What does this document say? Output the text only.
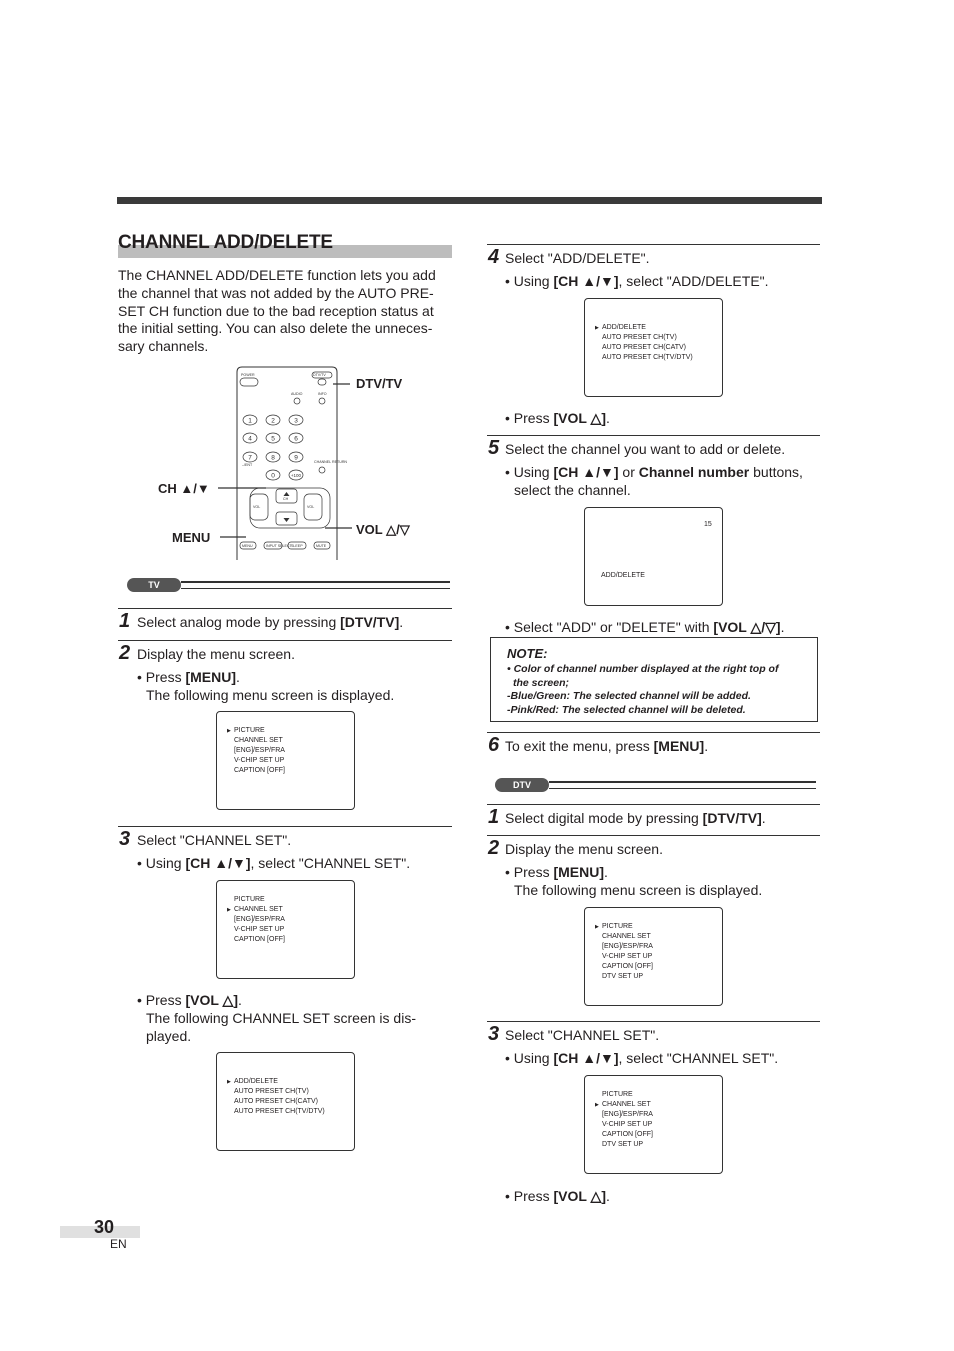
CHANNEL ADD/DELETE
The CHANNEL ADD/DELETE function lets you add the channel that was not added by the AUTO PRE-SET CH function due to the bad reception status at the initial setting. You can also delete the unneces-sary channels.
POWER
AUDIO	INFO
–/ENT
CHANNEL RETURN
CH
VOL	VOL
MENU	INPUT SELECT SLEEP	MUTE
DTV/TV
1	2	3
4	5	6
7	8	9
0	+100
DTV/TV
CH ▲/▼
MENU
VOL △/▽
TV
1 Select analog mode by pressing [DTV/TV].
2 Display the menu screen.
• Press [MENU].
The following menu screen is displayed.
▶ PICTURE
CHANNEL SET
[ENG]/ESP/FRA
V-CHIP SET UP
CAPTION [OFF]
3 Select "CHANNEL SET".
• Using [CH ▲/▼], select "CHANNEL SET".
PICTURE
▶ CHANNEL SET
[ENG]/ESP/FRA
V-CHIP SET UP
CAPTION [OFF]
• Press [VOL △].
The following CHANNEL SET screen is dis-
played.
▶ ADD/DELETE
AUTO PRESET CH(TV)
AUTO PRESET CH(CATV)
AUTO PRESET CH(TV/DTV)
4 Select "ADD/DELETE".
• Using [CH ▲/▼], select "ADD/DELETE".
▶ ADD/DELETE
AUTO PRESET CH(TV)
AUTO PRESET CH(CATV)
AUTO PRESET CH(TV/DTV)
• Press [VOL △].
5 Select the channel you want to add or delete.
• Using [CH ▲/▼] or Channel number buttons,
select the channel.
15
ADD/DELETE
• Select "ADD" or "DELETE" with [VOL △/▽].
NOTE:
• Color of channel number displayed at the right top of
the screen;
-Blue/Green: The selected channel will be added.
-Pink/Red: The selected channel will be deleted.
6 To exit the menu, press [MENU].
DTV
1 Select digital mode by pressing [DTV/TV].
2 Display the menu screen.
• Press [MENU].
The following menu screen is displayed.
▶ PICTURE
CHANNEL SET
[ENG]/ESP/FRA
V-CHIP SET UP
CAPTION [OFF]
DTV SET UP
3 Select "CHANNEL SET".
• Using [CH ▲/▼], select "CHANNEL SET".
PICTURE
▶ CHANNEL SET
[ENG]/ESP/FRA
V-CHIP SET UP
CAPTION [OFF]
DTV SET UP
• Press [VOL △].
30
EN
